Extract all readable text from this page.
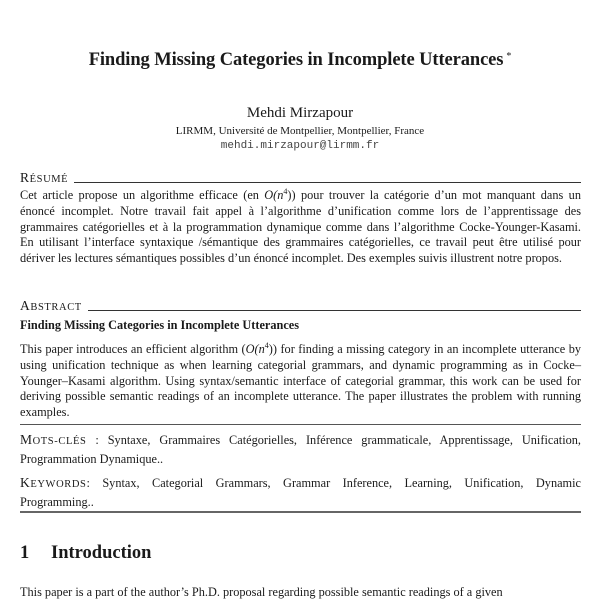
Finding Missing Categories in Incomplete Utterances *
Mehdi Mirzapour
LIRMM, Université de Montpellier, Montpellier, France
mehdi.mirzapour@lirmm.fr
RÉSUMÉ
Cet article propose un algorithme efficace (en $O(n^4)$) pour trouver la catégorie d’un mot manquant dans un énoncé incomplet. Notre travail fait appel à l’algorithme d’unification comme lors de l’apprentissage des grammaires catégorielles et à la programmation dynamique comme dans l’algorithme Cocke-Younger-Kasami. En utilisant l’interface syntaxique /sémantique des grammaires catégorielles, ce travail peut être utilisé pour dériver les lectures sémantiques possibles d’un énoncé incomplet. Des exemples suivis illustrent notre propos.
ABSTRACT
Finding Missing Categories in Incomplete Utterances
This paper introduces an efficient algorithm $(O(n^4))$ for finding a missing category in an incomplete utterance by using unification technique as when learning categorial grammars, and dynamic programming as in Cocke–Younger–Kasami algorithm. Using syntax/semantic interface of categorial grammar, this work can be used for deriving possible semantic readings of an incomplete utterance. The paper illustrates the problem with running examples.
MOTS-CLÉS : Syntaxe, Grammaires Catégorielles, Inférence grammaticale, Apprentissage, Unification, Programmation Dynamique..
KEYWORDS: Syntax, Categorial Grammars, Grammar Inference, Learning, Unification, Dynamic Programming..
1 Introduction
This paper is a part of the author’s Ph.D. proposal regarding possible semantic readings of a given
